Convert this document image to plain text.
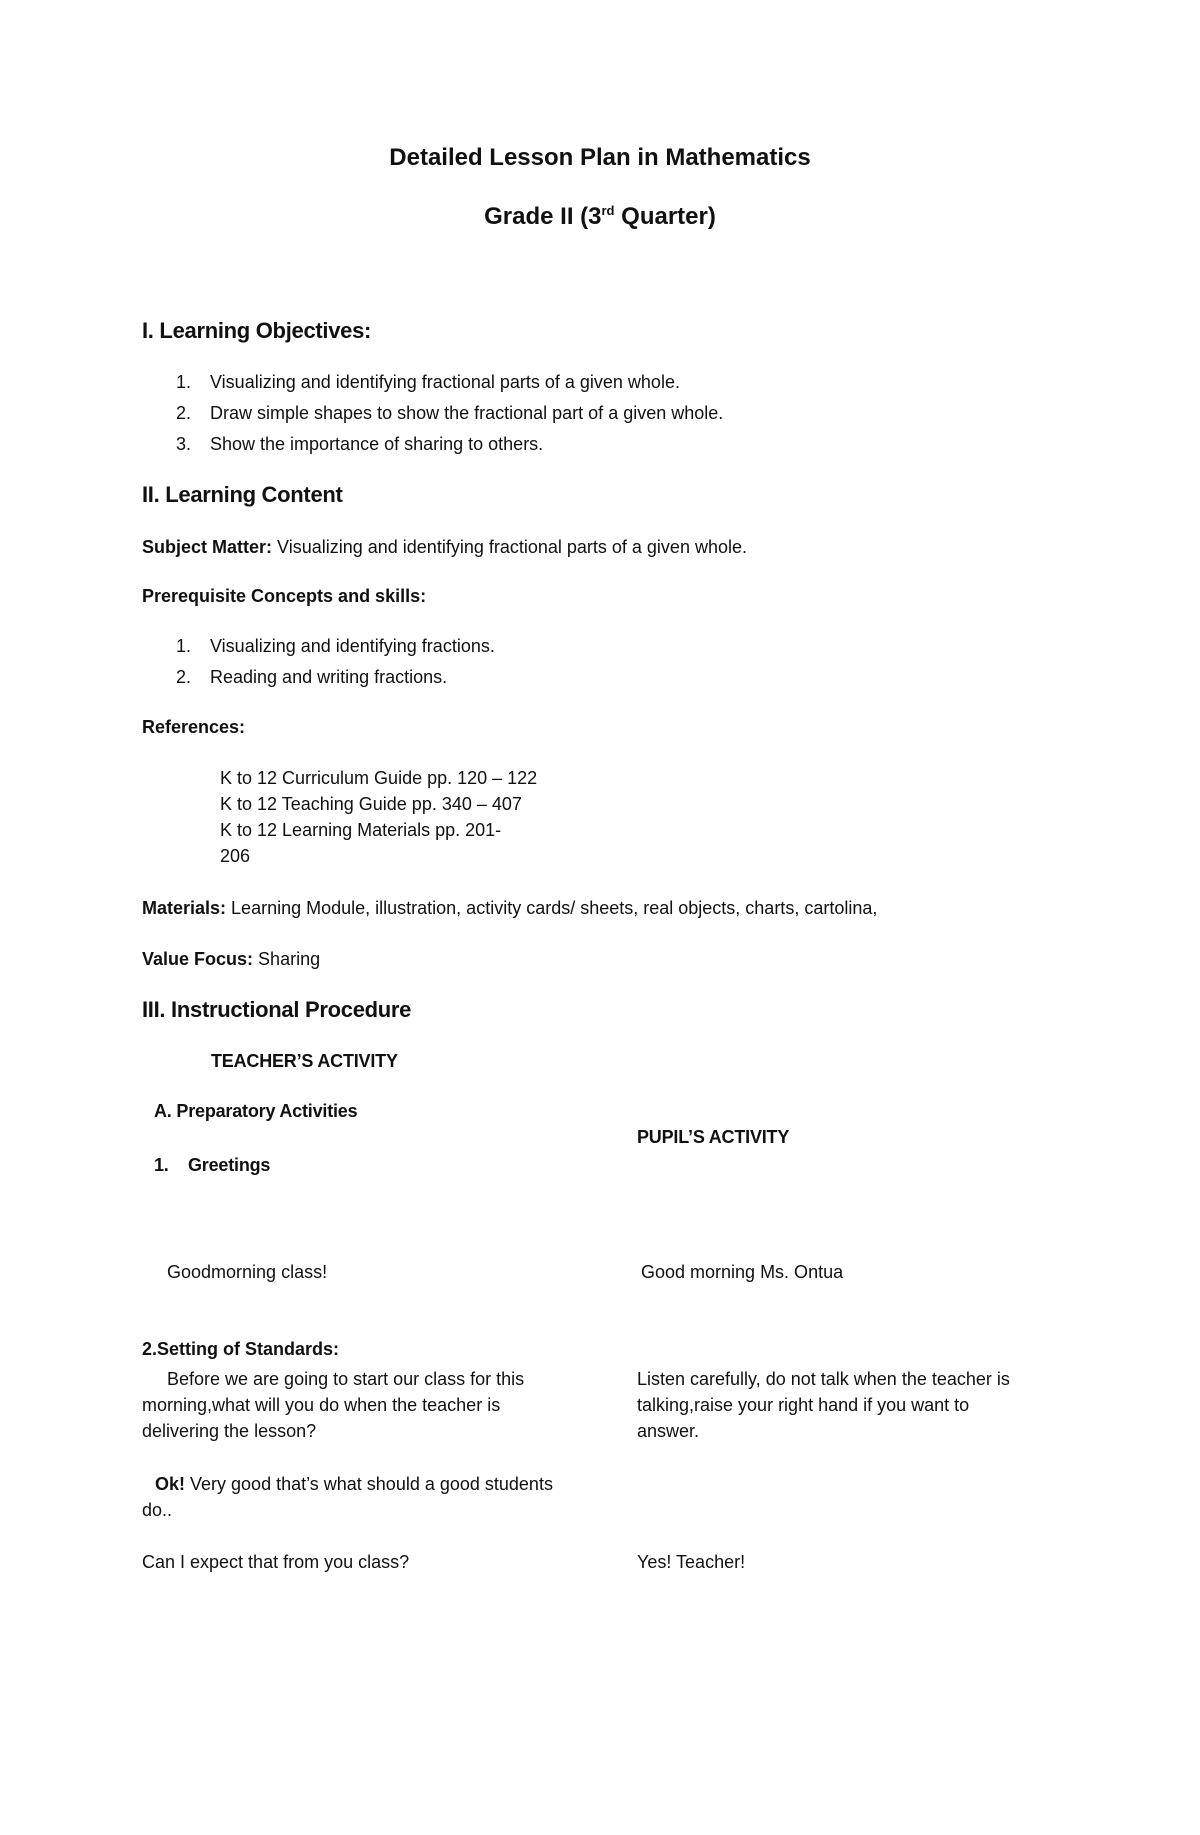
Detailed Lesson Plan in Mathematics
Grade II (3rd Quarter)
I. Learning Objectives:
1. Visualizing and identifying fractional parts of a given whole.
2. Draw simple shapes to show the fractional part of a given whole.
3. Show the importance of sharing to others.
II. Learning Content
Subject Matter: Visualizing and identifying fractional parts of a given whole.
Prerequisite Concepts and skills:
1. Visualizing and identifying fractions.
2. Reading and writing fractions.
References:
K to 12 Curriculum Guide pp. 120 – 122
K to 12 Teaching Guide pp. 340 – 407
K to 12 Learning Materials pp. 201-
206
Materials: Learning Module, illustration, activity cards/ sheets, real objects, charts, cartolina,
Value Focus: Sharing
III. Instructional Procedure
TEACHER’S ACTIVITY
A. Preparatory Activities
PUPIL’S ACTIVITY
1. Greetings
Goodmorning class!	Good morning Ms. Ontua
2.Setting of Standards:
Before we are going to start our class for this
morning,what will you do when the teacher is
delivering the lesson?
Listen carefully, do not talk when the teacher is
talking,raise your right hand if you want to
answer.
Ok! Very good that’s what should a good students
do..
Can I expect that from you class?	Yes! Teacher!
